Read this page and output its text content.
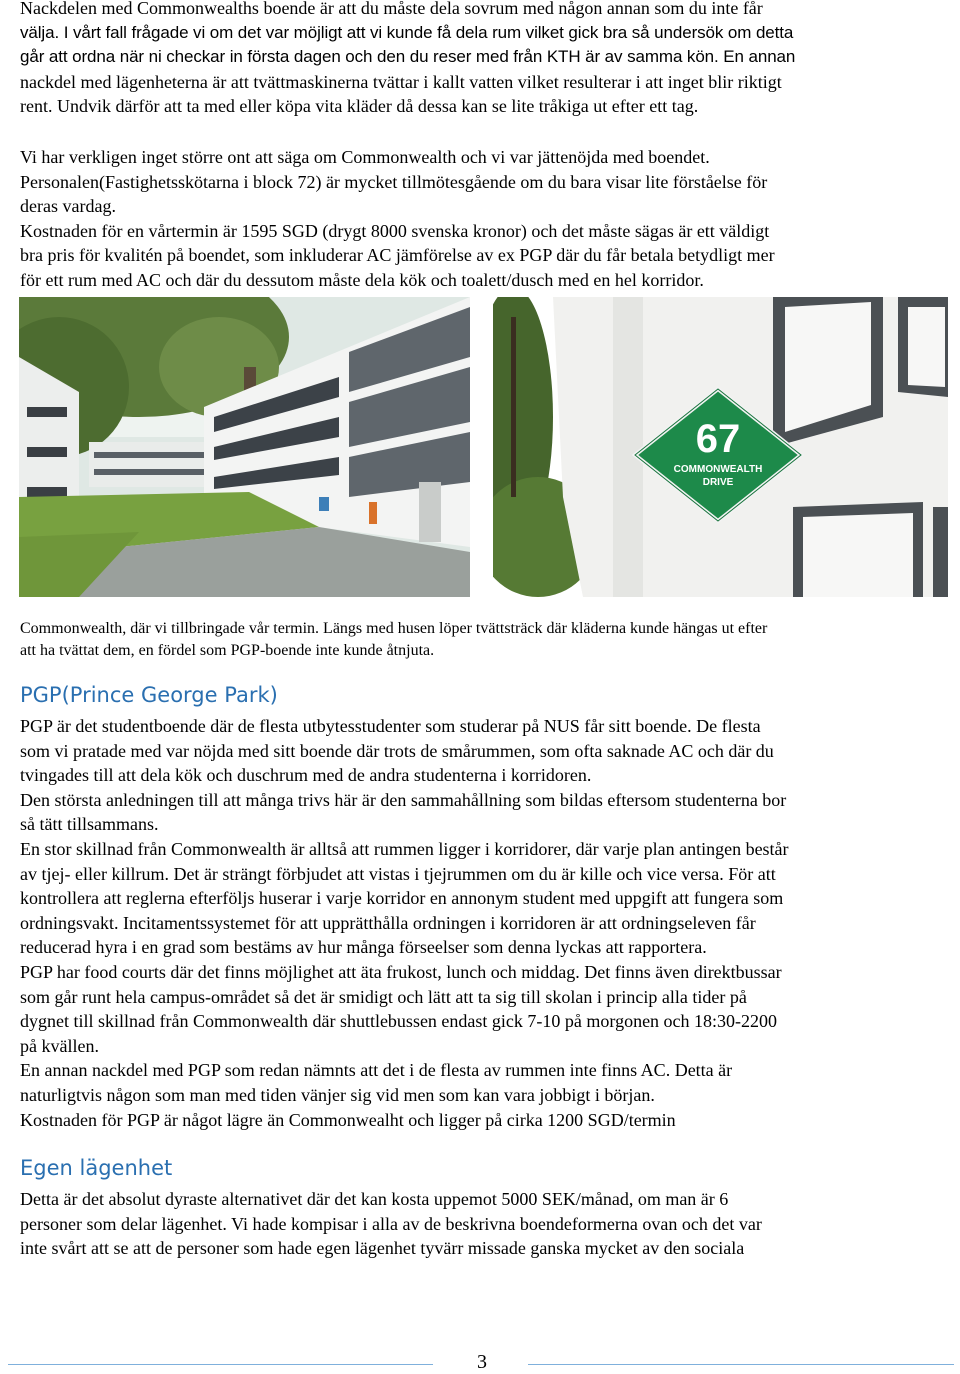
Nackdelen med Commonwealths boende är att du måste dela sovrum med någon annan som du inte får
välja. I vårt fall frågade vi om det var möjligt att vi kunde få dela rum vilket gick bra så undersök om detta
går att ordna när ni checkar in första dagen och den du reser med från KTH är av samma kön. En annan
nackdel med lägenheterna är att tvättmaskinerna tvättar i kallt vatten vilket resulterar i att inget blir riktigt
rent. Undvik därför att ta med eller köpa vita kläder då dessa kan se lite tråkiga ut efter ett tag.
Vi har verkligen inget större ont att säga om Commonwealth och vi var jättenöjda med boendet.
Personalen(Fastighetsskötarna i block 72) är mycket tillmötesgående om du bara visar lite förståelse för
deras vardag.
Kostnaden för en vårtermin är 1595 SGD (drygt 8000 svenska kronor) och det måste sägas är ett väldigt
bra pris för kvalitén på boendet, som inkluderar AC jämförelse av ex PGP där du får betala betydligt mer
för ett rum med AC och där du dessutom måste dela kök och toalett/dusch med en hel korridor.
67
COMMONWEALTH
DRIVE
Commonwealth, där vi tillbringade vår termin. Längs med husen löper tvättsträck där kläderna kunde hängas ut efter
att ha tvättat dem, en fördel som PGP-boende inte kunde åtnjuta.
PGP(Prince George Park)
PGP är det studentboende där de flesta utbytesstudenter som studerar på NUS får sitt boende. De flesta
som vi pratade med var nöjda med sitt boende där trots de smårummen, som ofta saknade AC och där du
tvingades till att dela kök och duschrum med de andra studenterna i korridoren.
Den största anledningen till att många trivs här är den sammahållning som bildas eftersom studenterna bor
så tätt tillsammans.
En stor skillnad från Commonwealth är alltså att rummen ligger i korridorer, där varje plan antingen består
av tjej- eller killrum. Det är strängt förbjudet att vistas i tjejrummen om du är kille och vice versa. För att
kontrollera att reglerna efterföljs huserar i varje korridor en annonym student med uppgift att fungera som
ordningsvakt. Incitamentssystemet för att upprätthålla ordningen i korridoren är att ordningseleven får
reducerad hyra i en grad som bestäms av hur många förseelser som denna lyckas att rapportera.
PGP har food courts där det finns möjlighet att äta frukost, lunch och middag. Det finns även direktbussar
som går runt hela campus-området så det är smidigt och lätt att ta sig till skolan i princip alla tider på
dygnet till skillnad från Commonwealth där shuttlebussen endast gick 7-10 på morgonen och 18:30-2200
på kvällen.
En annan nackdel med PGP som redan nämnts att det i de flesta av rummen inte finns AC. Detta är
naturligtvis någon som man med tiden vänjer sig vid men som kan vara jobbigt i början.
Kostnaden för PGP är något lägre än Commonwealht och ligger på cirka 1200 SGD/termin
Egen lägenhet
Detta är det absolut dyraste alternativet där det kan kosta uppemot 5000 SEK/månad, om man är 6
personer som delar lägenhet. Vi hade kompisar i alla av de beskrivna boendeformerna ovan och det var
inte svårt att se att de personer som hade egen lägenhet tyvärr missade ganska mycket av den sociala
3
